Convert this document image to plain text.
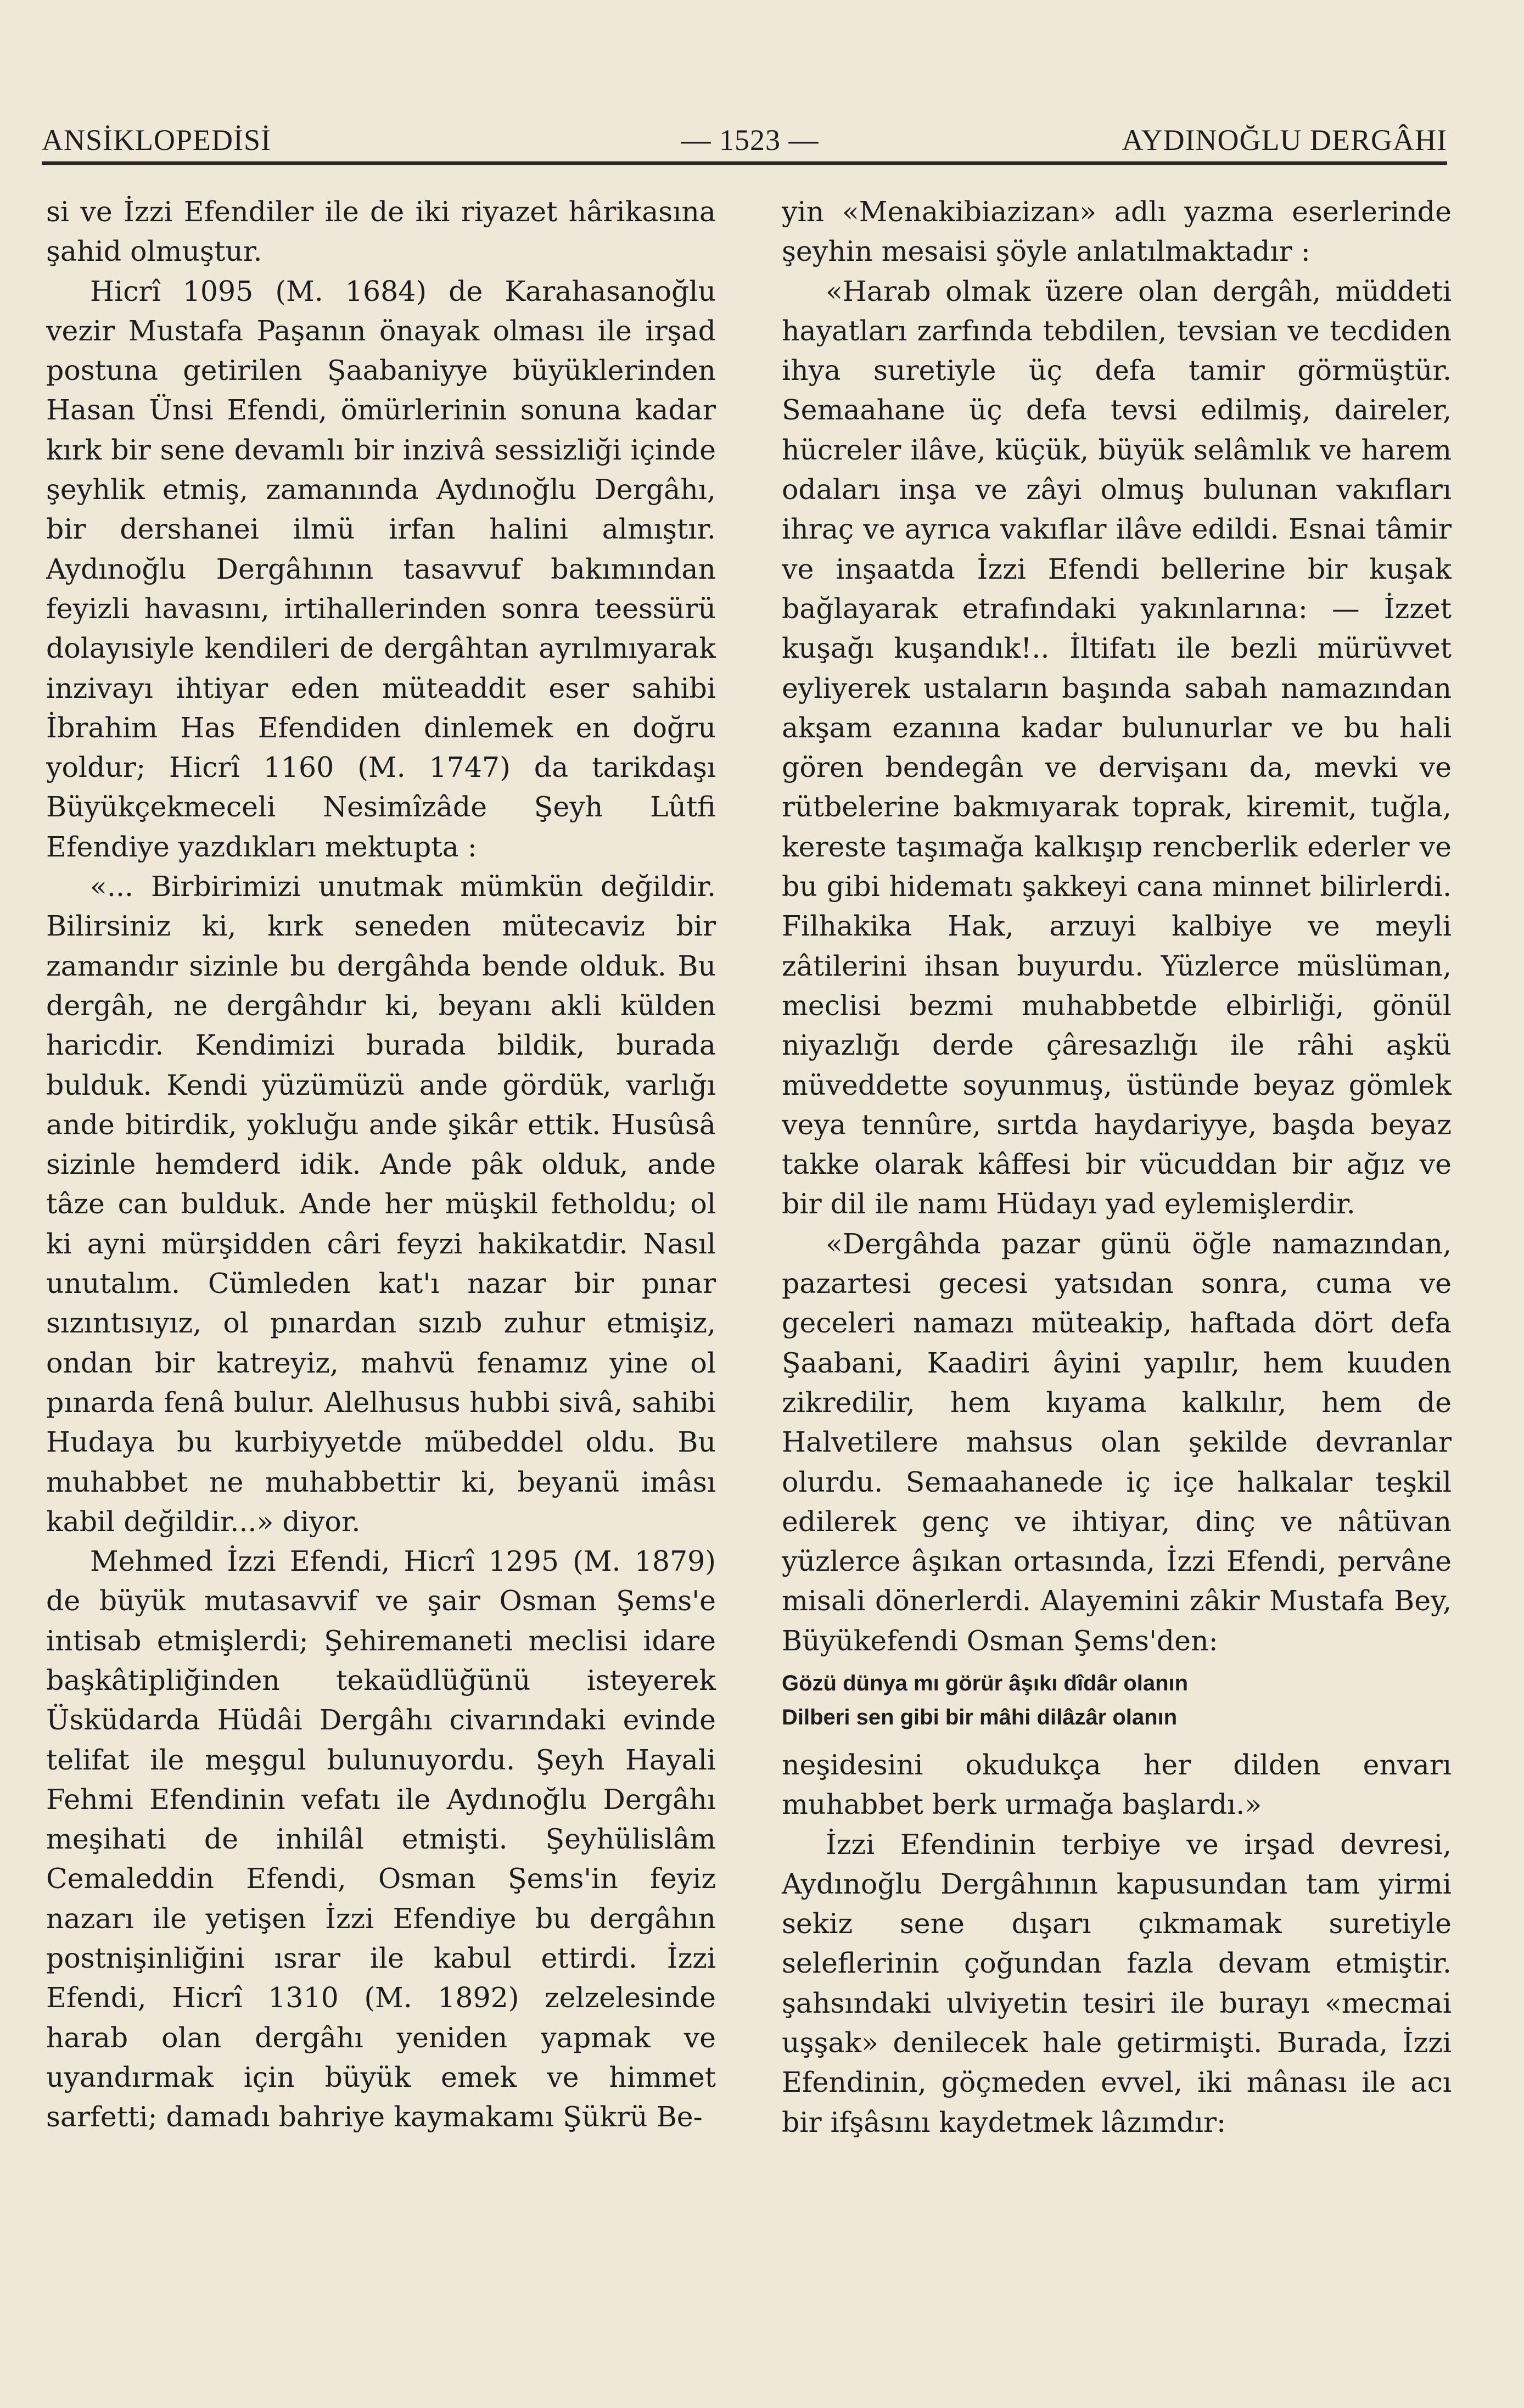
ANSİKLOPEDİSİ	— 1523 —	AYDINOĞLU DERGÂHI

si ve İzzi Efendiler ile de iki riyazet hârikasına şahid olmuştur.

Hicrî 1095 (M. 1684) de Karahasanoğlu vezir Mustafa Paşanın önayak olması ile irşad postuna getirilen Şaabaniyye büyüklerinden Hasan Ünsi Efendi, ömürlerinin sonuna kadar kırk bir sene devamlı bir inzivâ sessizliği içinde şeyhlik etmiş, zamanında Aydınoğlu Dergâhı, bir dershanei ilmü irfan halini almıştır. Aydınoğlu Dergâhının tasavvuf bakımından feyizli havasını, irtihallerinden sonra teessürü dolayısiyle kendileri de dergâhtan ayrılmıyarak inzivayı ihtiyar eden müteaddit eser sahibi İbrahim Has Efendiden dinlemek en doğru yoldur; Hicrî 1160 (M. 1747) da tarikdaşı Büyükçekmeceli Nesimîzâde Şeyh Lûtfi Efendiye yazdıkları mektupta :

«... Birbirimizi unutmak mümkün değildir. Bilirsiniz ki, kırk seneden mütecaviz bir zamandır sizinle bu dergâhda bende olduk. Bu dergâh, ne dergâhdır ki, beyanı akli külden haricdir. Kendimizi burada bildik, burada bulduk. Kendi yüzümüzü ande gördük, varlığı ande bitirdik, yokluğu ande şikâr ettik. Husûsâ sizinle hemderd idik. Ande pâk olduk, ande tâze can bulduk. Ande her müşkil fetholdu; ol ki ayni mürşidden câri feyzi hakikatdir. Nasıl unutalım. Cümleden kat'ı nazar bir pınar sızıntısıyız, ol pınardan sızıb zuhur etmişiz, ondan bir katreyiz, mahvü fenamız yine ol pınarda fenâ bulur. Alelhusus hubbi sivâ, sahibi Hudaya bu kurbiyyetde mübeddel oldu. Bu muhabbet ne muhabbettir ki, beyanü imâsı kabil değildir...» diyor.

Mehmed İzzi Efendi, Hicrî 1295 (M. 1879) de büyük mutasavvif ve şair Osman Şems'e intisab etmişlerdi; Şehiremaneti meclisi idare başkâtipliğinden tekaüdlüğünü isteyerek Üsküdarda Hüdâi Dergâhı civarındaki evinde telifat ile meşgul bulunuyordu. Şeyh Hayali Fehmi Efendinin vefatı ile Aydınoğlu Dergâhı meşihati de inhilâl etmişti. Şeyhülislâm Cemaleddin Efendi, Osman Şems'in feyiz nazarı ile yetişen İzzi Efendiye bu dergâhın postnişinliğini ısrar ile kabul ettirdi. İzzi Efendi, Hicrî 1310 (M. 1892) zelzelesinde harab olan dergâhı yeniden yapmak ve uyandırmak için büyük emek ve himmet sarfetti; damadı bahriye kaymakamı Şükrü Be-

yin «Menakibiazizan» adlı yazma eserlerinde şeyhin mesaisi şöyle anlatılmaktadır :

«Harab olmak üzere olan dergâh, müddeti hayatları zarfında tebdilen, tevsian ve tecdiden ihya suretiyle üç defa tamir görmüştür. Semaahane üç defa tevsi edilmiş, daireler, hücreler ilâve, küçük, büyük selâmlık ve harem odaları inşa ve zâyi olmuş bulunan vakıfları ihraç ve ayrıca vakıflar ilâve edildi. Esnai tâmir ve inşaatda İzzi Efendi bellerine bir kuşak bağlayarak etrafındaki yakınlarına: — İzzet kuşağı kuşandık!.. İltifatı ile bezli mürüvvet eyliyerek ustaların başında sabah namazından akşam ezanına kadar bulunurlar ve bu hali gören bendegân ve dervişanı da, mevki ve rütbelerine bakmıyarak toprak, kiremit, tuğla, kereste taşımağa kalkışıp rencberlik ederler ve bu gibi hidematı şakkeyi cana minnet bilirlerdi. Filhakika Hak, arzuyi kalbiye ve meyli zâtilerini ihsan buyurdu. Yüzlerce müslüman, meclisi bezmi muhabbetde elbirliği, gönül niyazlığı derde çâresazlığı ile râhi aşkü müveddette soyunmuş, üstünde beyaz gömlek veya tennûre, sırtda haydariyye, başda beyaz takke olarak kâffesi bir vücuddan bir ağız ve bir dil ile namı Hüdayı yad eylemişlerdir.

«Dergâhda pazar günü öğle namazından, pazartesi gecesi yatsıdan sonra, cuma ve geceleri namazı müteakip, haftada dört defa Şaabani, Kaadiri âyini yapılır, hem kuuden zikredilir, hem kıyama kalkılır, hem de Halvetilere mahsus olan şekilde devranlar olurdu. Semaahanede iç içe halkalar teşkil edilerek genç ve ihtiyar, dinç ve nâtüvan yüzlerce âşıkan ortasında, İzzi Efendi, pervâne misali dönerlerdi. Alayemini zâkir Mustafa Bey, Büyükefendi Osman Şems'den:

Gözü dünya mı görür âşıkı dîdâr olanın
Dilberi sen gibi bir mâhi dilâzâr olanın

neşidesini okudukça her dilden envarı muhabbet berk urmağa başlardı.»

İzzi Efendinin terbiye ve irşad devresi, Aydınoğlu Dergâhının kapusundan tam yirmi sekiz sene dışarı çıkmamak suretiyle seleflerinin çoğundan fazla devam etmiştir. şahsındaki ulviyetin tesiri ile burayı «mecmai uşşak» denilecek hale getirmişti. Burada, İzzi Efendinin, göçmeden evvel, iki mânası ile acı bir ifşâsını kaydetmek lâzımdır:
